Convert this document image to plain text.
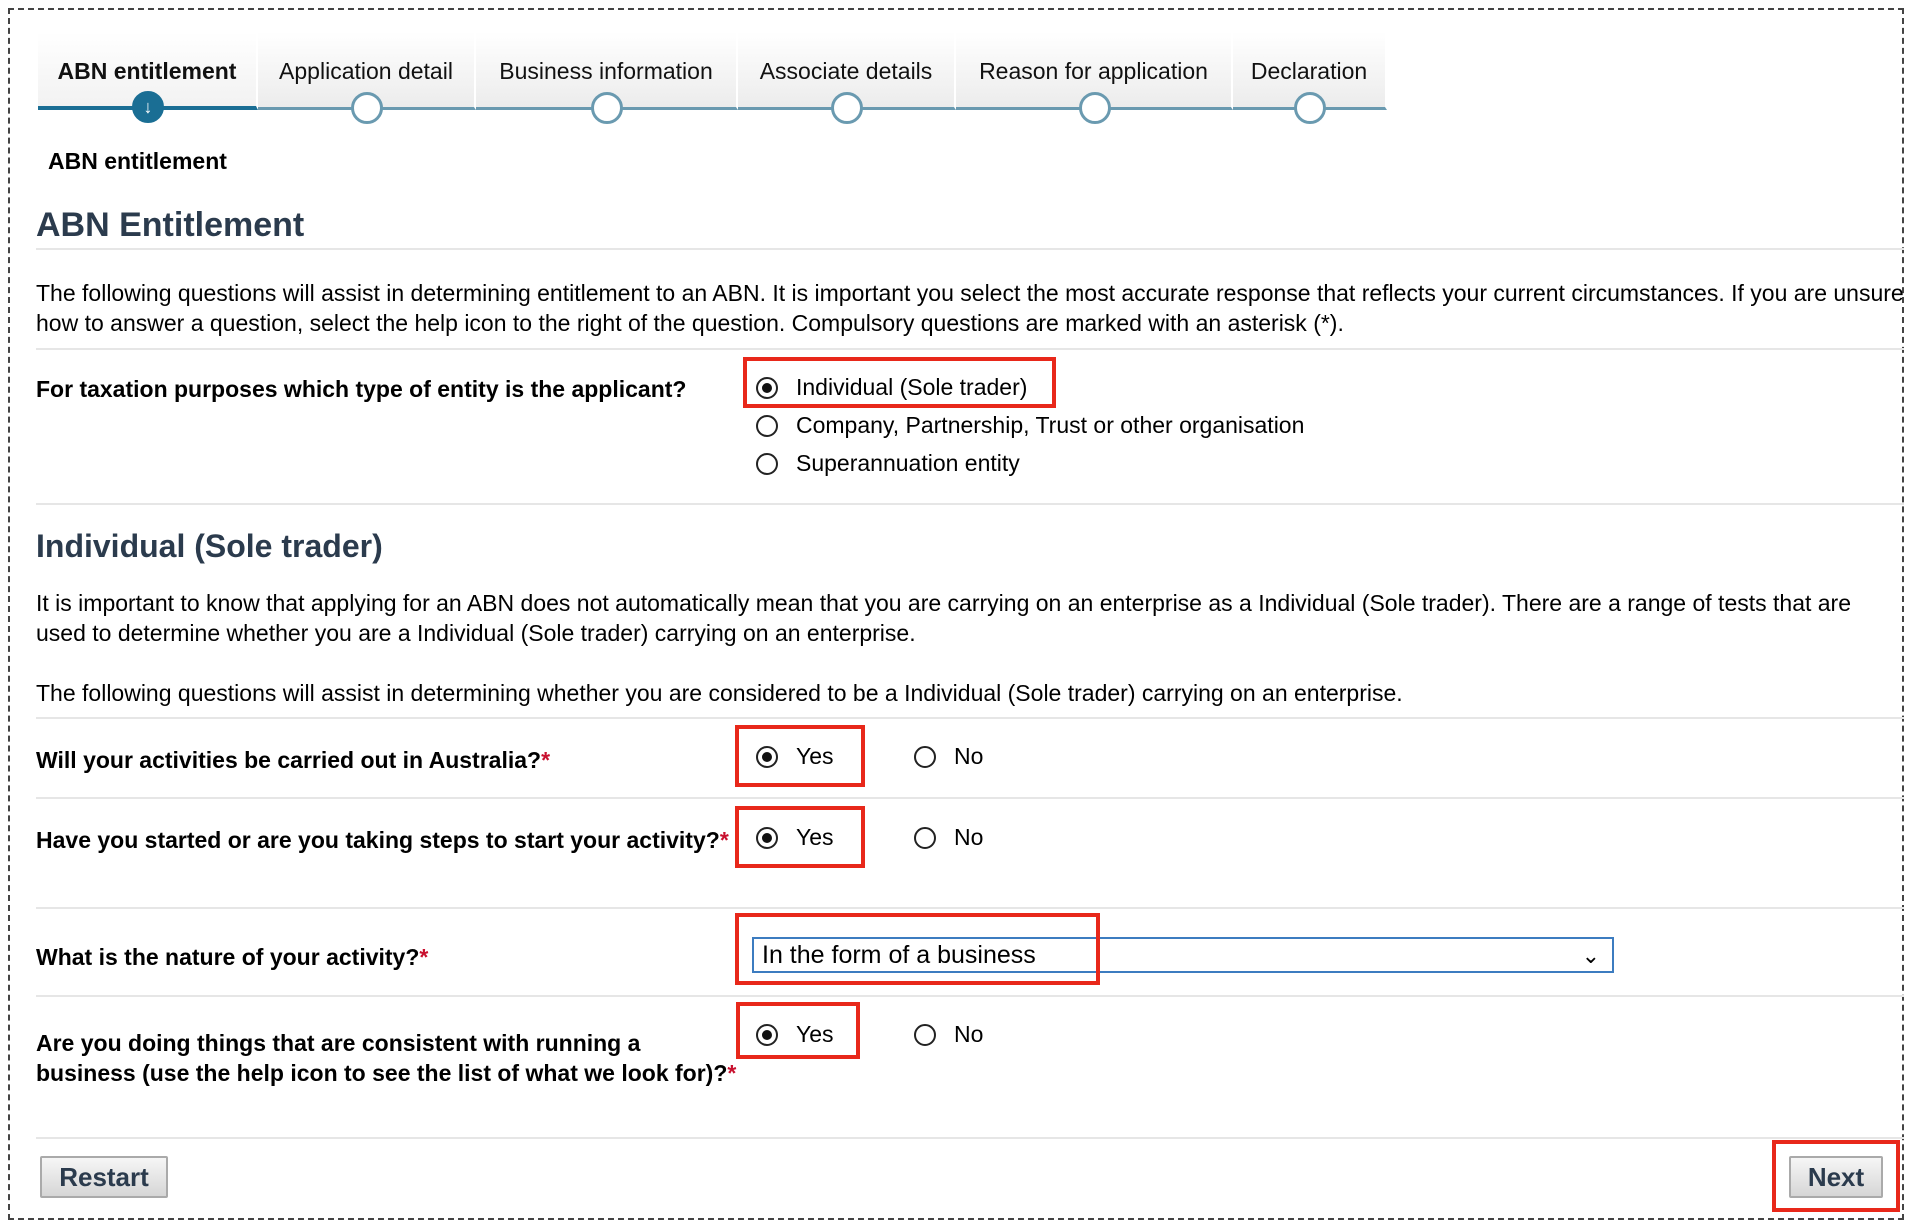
ABN entitlement
↓
Application detail	Business information	Associate details	Reason for application	Declaration
ABN entitlement
ABN Entitlement
The following questions will assist in determining entitlement to an ABN. It is important you select the most accurate response that reflects your current circumstances. If you are unsure how to answer a question, select the help icon to the right of the question. Compulsory questions are marked with an asterisk (*).
For taxation purposes which type of entity is the applicant?	Individual (Sole trader)
Company, Partnership, Trust or other organisation
Superannuation entity
Individual (Sole trader)
It is important to know that applying for an ABN does not automatically mean that you are carrying on an enterprise as a Individual (Sole trader). There are a range of tests that are used to determine whether you are a Individual (Sole trader) carrying on an enterprise.
The following questions will assist in determining whether you are considered to be a Individual (Sole trader) carrying on an enterprise.
Will your activities be carried out in Australia?*	Yes	No
Have you started or are you taking steps to start your activity?*	Yes	No
What is the nature of your activity?*	In the form of a business	⌄
Are you doing things that are consistent with running a business (use the help icon to see the list of what we look for)?*
Yes	No
Restart	Next
